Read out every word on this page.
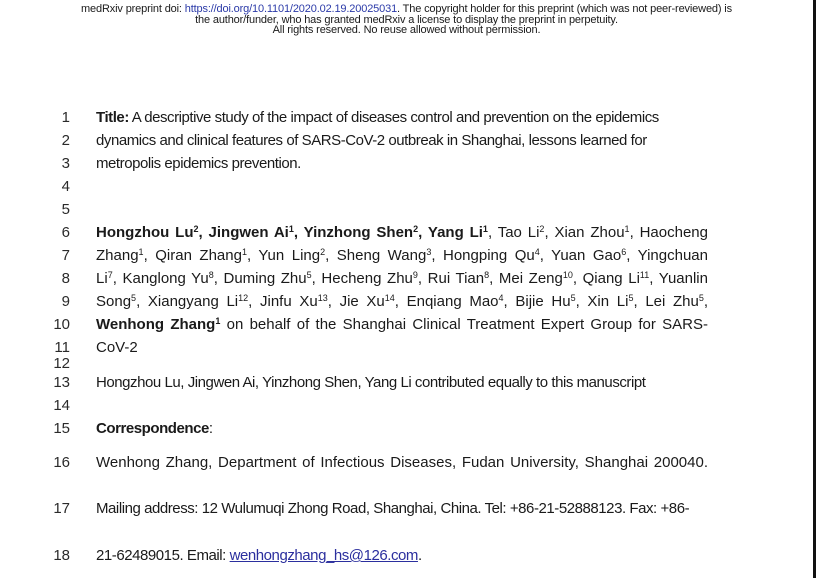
medRxiv preprint doi: https://doi.org/10.1101/2020.02.19.20025031. The copyright holder for this preprint (which was not peer-reviewed) is
the author/funder, who has granted medRxiv a license to display the preprint in perpetuity.
All rights reserved. No reuse allowed without permission.
1
2
3
4
5
6
7
8
9
10
11
12
13
14
15
16
17
18
Title: A descriptive study of the impact of diseases control and prevention on the epidemics
dynamics and clinical features of SARS-CoV-2 outbreak in Shanghai, lessons learned for
metropolis epidemics prevention.
Hongzhou Lu$^2$, Jingwen Ai$^1$, Yinzhong Shen$^2$, Yang Li$^1$, Tao Li$^2$, Xian Zhou$^1$, Haocheng
Zhang$^1$, Qiran Zhang$^1$, Yun Ling$^2$, Sheng Wang$^3$, Hongping Qu$^4$, Yuan Gao$^6$, Yingchuan
Li$^7$, Kanglong Yu$^8$, Duming Zhu$^5$, Hecheng Zhu$^9$, Rui Tian$^8$, Mei Zeng$^{10}$, Qiang Li$^{11}$, Yuanlin
Song$^5$, Xiangyang Li$^{12}$, Jinfu Xu$^{13}$, Jie Xu$^{14}$, Enqiang Mao$^4$, Bijie Hu$^5$, Xin Li$^5$, Lei Zhu$^5$,
Wenhong Zhang$^1$ on behalf of the Shanghai Clinical Treatment Expert Group for SARS-
CoV-2
Hongzhou Lu, Jingwen Ai, Yinzhong Shen, Yang Li contributed equally to this manuscript
Correspondence:
Wenhong Zhang, Department of Infectious Diseases, Fudan University, Shanghai 200040.
Mailing address: 12 Wulumuqi Zhong Road, Shanghai, China. Tel: +86-21-52888123. Fax: +86-
21-62489015. Email: wenhongzhang_hs@126.com.
